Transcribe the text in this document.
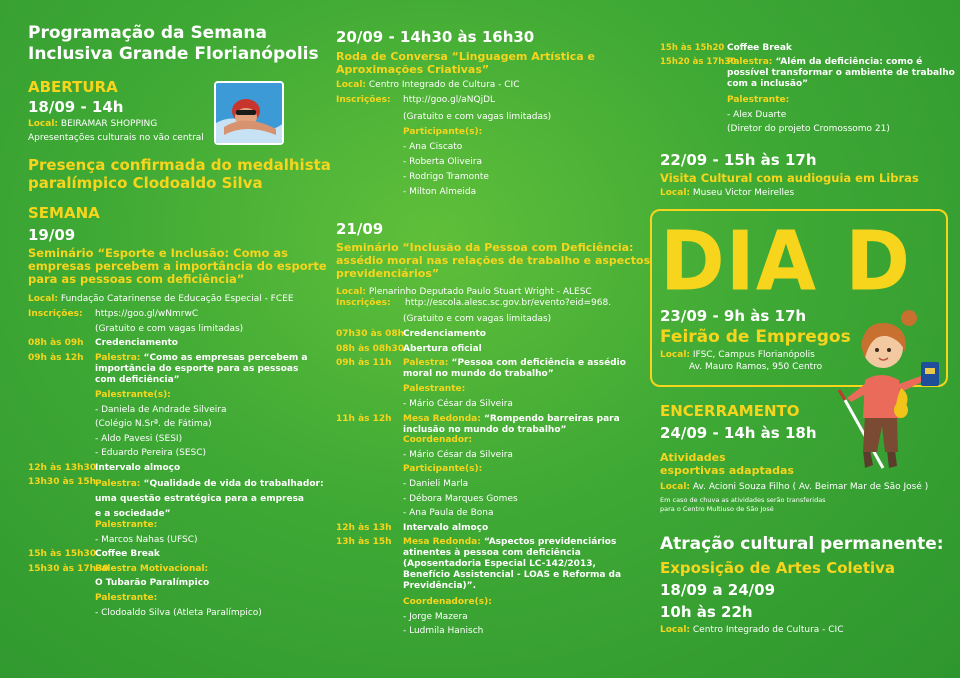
Programação da Semana
Inclusiva Grande Florianópolis
ABERTURA
18/09 - 14h
Local: BEIRAMAR SHOPPING
Apresentações culturais no vão central
Presença confirmada do medalhista
paralímpico Clodoaldo Silva
SEMANA
19/09
Seminário “Esporte e Inclusão: Como as
empresas percebem a importância do esporte
para as pessoas com deficiência”
Local: Fundação Catarinense de Educação Especial - FCEE
Inscrições: https://goo.gl/wNmrwC
(Gratuito e com vagas limitadas)
08h às 09h Credenciamento
09h às 12h Palestra: “Como as empresas percebem a
importância do esporte para as pessoas
com deficiência”
Palestrante(s):
- Daniela de Andrade Silveira
(Colégio N.Srª. de Fátima)
- Aldo Pavesi (SESI)
- Eduardo Pereira (SESC)
12h às 13h30
Intervalo almoço
13h30 às 15h
Palestra: “Qualidade de vida do trabalhador:
uma questão estratégica para a empresa
e a sociedade”
Palestrante:
- Marcos Nahas (UFSC)
15h às 15h30
Coffee Break
15h30 às 17h30
Palestra Motivacional:
O Tubarão Paralímpico
Palestrante:
- Clodoaldo Silva (Atleta Paralímpico)
20/09 - 14h30 às 16h30
Roda de Conversa “Linguagem Artística e
Aproximações Criativas”
Local: Centro Integrado de Cultura - CIC
Inscrições: http://goo.gl/aNQjDL
(Gratuito e com vagas limitadas)
Participante(s):
- Ana Ciscato
- Roberta Oliveira
- Rodrigo Tramonte
- Milton Almeida
21/09
Seminário “Inclusão da Pessoa com Deficiência:
assédio moral nas relações de trabalho e aspectos
previdenciários”
Local: Plenarinho Deputado Paulo Stuart Wright - ALESC
Inscrições: http://escola.alesc.sc.gov.br/evento?eid=968.
(Gratuito e com vagas limitadas)
07h30 às 08h
Credenciamento
08h às 08h30
Abertura oficial
09h às 11h Palestra: “Pessoa com deficiência e assédio
moral no mundo do trabalho”
Palestrante:
- Mário César da Silveira
11h às 12h Mesa Redonda: “Rompendo barreiras para
inclusão no mundo do trabalho”
Coordenador:
- Mário César da Silveira
Participante(s):
- Danieli Marla
- Débora Marques Gomes
- Ana Paula de Bona
12h às 13h Intervalo almoço
13h às 15h Mesa Redonda: “Aspectos previdenciários
atinentes à pessoa com deficiência
(Aposentadoria Especial LC-142/2013,
Benefício Assistencial - LOAS e Reforma da
Previdência)”.
Coordenadore(s):
- Jorge Mazera
- Ludmila Hanisch
15h às 15h20 Coffee Break
15h20 às 17h30
Palestra: “Além da deficiência: como é
possível transformar o ambiente de trabalho
com a inclusão”
Palestrante:
- Alex Duarte
(Diretor do projeto Cromossomo 21)
22/09 - 15h às 17h
Visita Cultural com audioguia em Libras
Local: Museu Victor Meirelles
DIA D
23/09 - 9h às 17h
Feirão de Empregos
Local: IFSC, Campus Florianópolis
Av. Mauro Ramos, 950 Centro
ENCERRAMENTO
24/09 - 14h às 18h
Atividades
esportivas adaptadas
Local: Av. Acioni Souza Filho ( Av. Beimar Mar de São José )
Em caso de chuva as atividades serão transferidas
para o Centro Multiuso de São José
Atração cultural permanente:
Exposição de Artes Coletiva
18/09 a 24/09
10h às 22h
Local: Centro Integrado de Cultura - CIC
